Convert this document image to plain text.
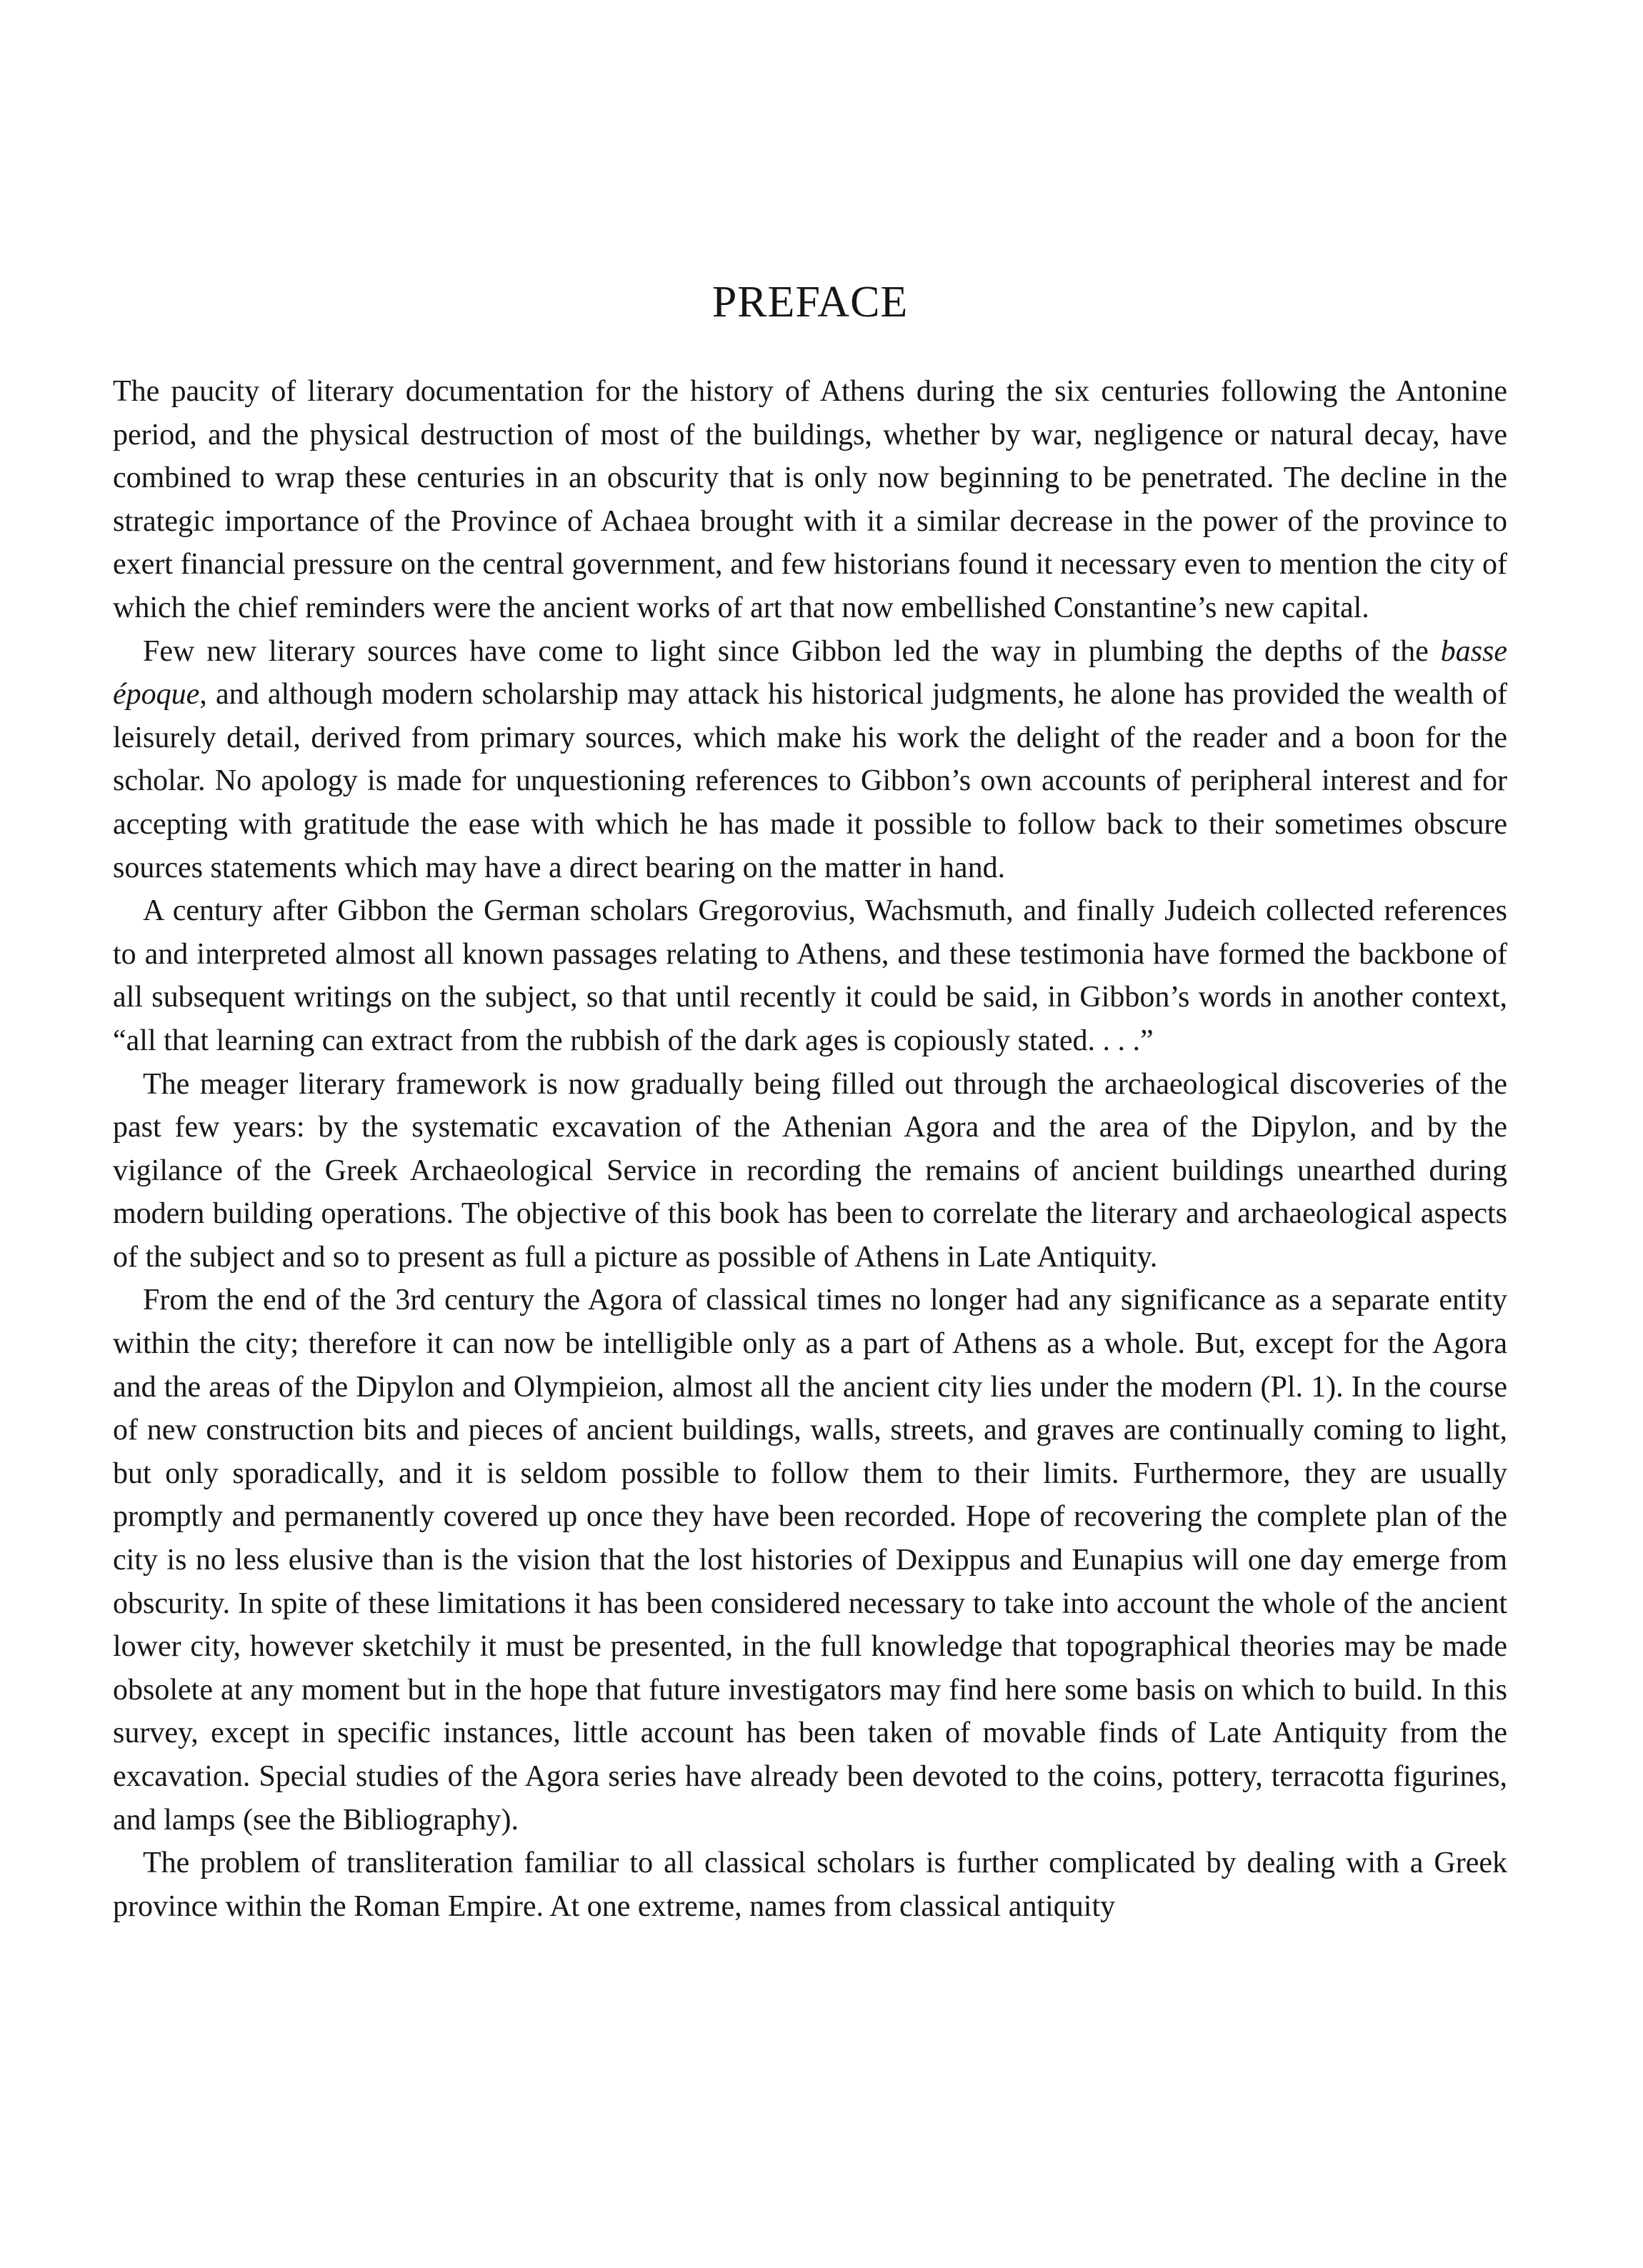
PREFACE

The paucity of literary documentation for the history of Athens during the six centuries following the Antonine period, and the physical destruction of most of the buildings, whether by war, negligence or natural decay, have combined to wrap these centuries in an obscurity that is only now beginning to be penetrated. The decline in the strategic importance of the Province of Achaea brought with it a similar decrease in the power of the province to exert financial pressure on the central government, and few historians found it necessary even to mention the city of which the chief reminders were the ancient works of art that now embellished Constantine’s new capital.

Few new literary sources have come to light since Gibbon led the way in plumbing the depths of the basse époque, and although modern scholarship may attack his historical judgments, he alone has provided the wealth of leisurely detail, derived from primary sources, which make his work the delight of the reader and a boon for the scholar. No apology is made for unquestioning references to Gibbon’s own accounts of peripheral interest and for accepting with gratitude the ease with which he has made it possible to follow back to their sometimes obscure sources statements which may have a direct bearing on the matter in hand.

A century after Gibbon the German scholars Gregorovius, Wachsmuth, and finally Judeich collected references to and interpreted almost all known passages relating to Athens, and these testimonia have formed the backbone of all subsequent writings on the subject, so that until recently it could be said, in Gibbon’s words in another context, “all that learning can extract from the rubbish of the dark ages is copiously stated. . . .”

The meager literary framework is now gradually being filled out through the archaeological discoveries of the past few years: by the systematic excavation of the Athenian Agora and the area of the Dipylon, and by the vigilance of the Greek Archaeological Service in recording the remains of ancient buildings unearthed during modern building operations. The objective of this book has been to correlate the literary and archaeological aspects of the subject and so to present as full a picture as possible of Athens in Late Antiquity.

From the end of the 3rd century the Agora of classical times no longer had any significance as a separate entity within the city; therefore it can now be intelligible only as a part of Athens as a whole. But, except for the Agora and the areas of the Dipylon and Olympieion, almost all the ancient city lies under the modern (Pl. 1). In the course of new construction bits and pieces of ancient buildings, walls, streets, and graves are continually coming to light, but only sporadically, and it is seldom possible to follow them to their limits. Furthermore, they are usually promptly and permanently covered up once they have been recorded. Hope of recovering the complete plan of the city is no less elusive than is the vision that the lost histories of Dexippus and Eunapius will one day emerge from obscurity. In spite of these limitations it has been considered necessary to take into account the whole of the ancient lower city, however sketchily it must be presented, in the full knowledge that topographical theories may be made obsolete at any moment but in the hope that future investigators may find here some basis on which to build. In this survey, except in specific instances, little account has been taken of movable finds of Late Antiquity from the excavation. Special studies of the Agora series have already been devoted to the coins, pottery, terracotta figurines, and lamps (see the Bibliography).

The problem of transliteration familiar to all classical scholars is further complicated by dealing with a Greek province within the Roman Empire. At one extreme, names from classical antiquity
